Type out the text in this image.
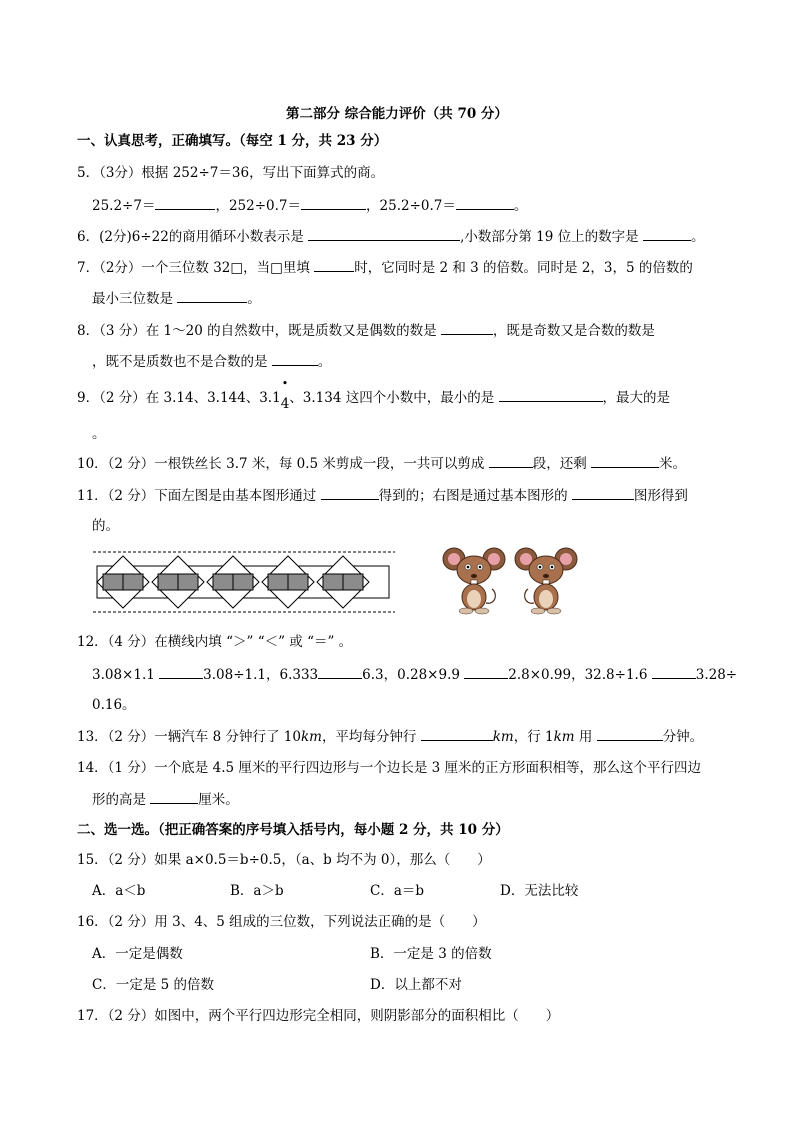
第二部分 综合能力评价（共 70 分）
一、认真思考，正确填写。（每空 1 分，共 23 分）
5．（3分）根据 252÷7＝36，写出下面算式的商。
25.2÷7＝	，252÷0.7＝	，25.2÷0.7＝	。
6．(2分)6÷22的商用循环小数表示是	,小数部分第 19 位上的数字是	。
7．（2分）一个三位数 32□，当□里填	时，它同时是 2 和 3 的倍数。同时是 2，3，5 的倍数的
最小三位数是	。
8．（3 分）在 1～20 的自然数中，既是质数又是偶数的数是	，既是奇数又是合数的数是
，既不是质数也不是合数的是	。
9．（2 分）在 3.14、3.144、3.1
•
4、3.134 这四个小数中，最小的是	，最大的是
。
10．（2 分）一根铁丝长 3.7 米，每 0.5 米剪成一段，一共可以剪成	段，还剩	米。
11．（2 分）下面左图是由基本图形通过	得到的；右图是通过基本图形的	图形得到
的。
12．（4 分）在横线内填 “＞” “＜” 或 “＝” 。
3.08×1.1	3.08÷1.1，6.333	6.3，0.28×9.9	2.8×0.99，32.8÷1.6	3.28÷
0.16。
13．（2 分）一辆汽车 8 分钟行了 10km，平均每分钟行	km，行 1km 用	分钟。
14．（1 分）一个底是 4.5 厘米的平行四边形与一个边长是 3 厘米的正方形面积相等，那么这个平行四边
形的高是	厘米。
二、选一选。（把正确答案的序号填入括号内，每小题 2 分，共 10 分）
15．（2 分）如果 a×0.5＝b÷0.5，（a、b 均不为 0），那么（　　）
A．a＜b	B．a＞b	C．a＝b	D．无法比较
16．（2 分）用 3、4、5 组成的三位数，下列说法正确的是（　　）
A．一定是偶数	B．一定是 3 的倍数
C．一定是 5 的倍数	D．以上都不对
17．（2 分）如图中，两个平行四边形完全相同，则阴影部分的面积相比（　　）
